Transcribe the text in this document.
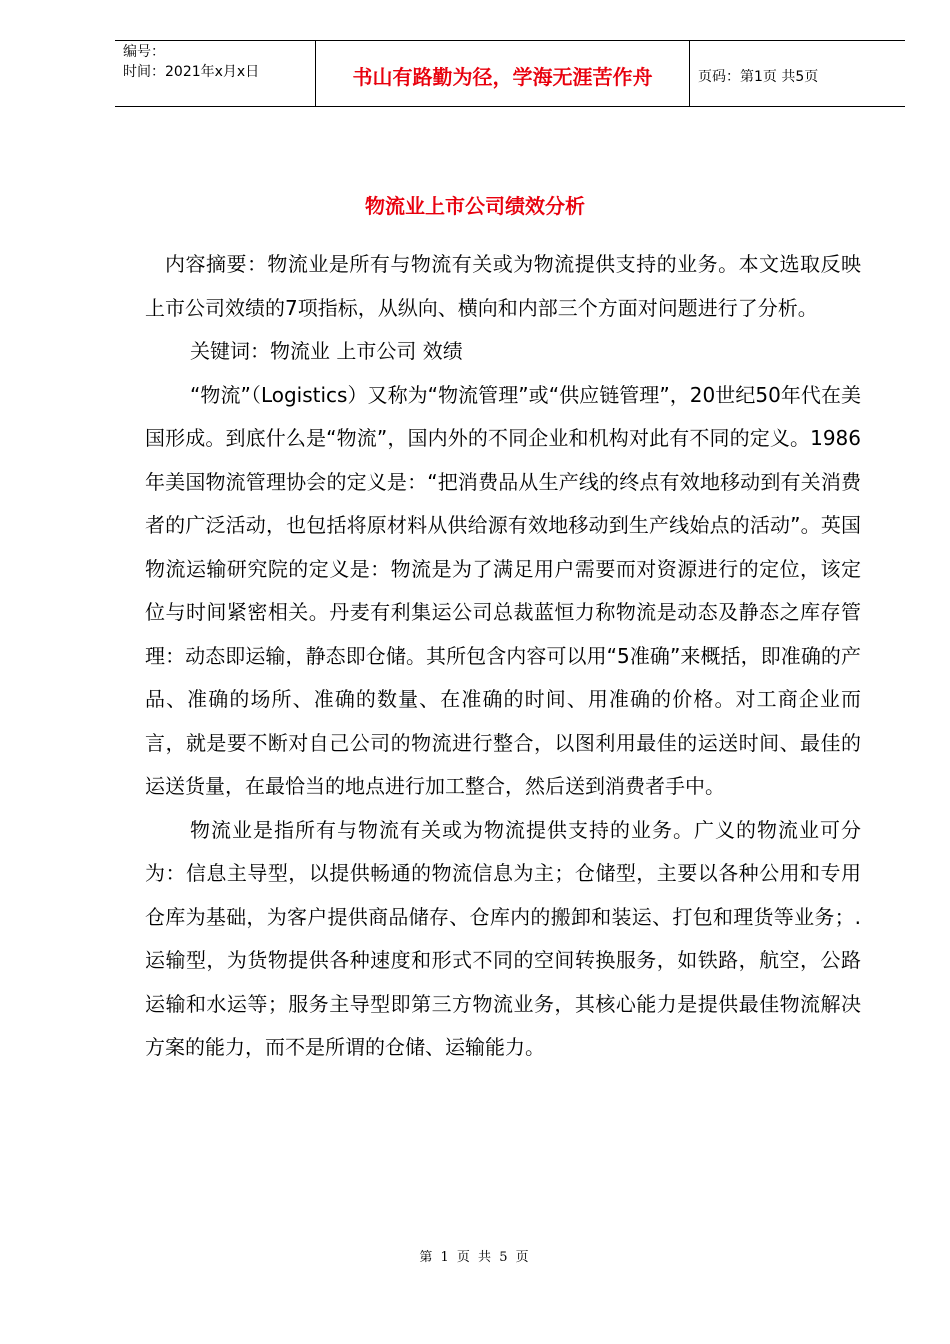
编号：
时间：2021年x月x日	书山有路勤为径，学海无涯苦作舟	页码：第1页 共5页
物流业上市公司绩效分析

内容摘要：物流业是所有与物流有关或为物流提供支持的业务。本文选取反映上市公司效绩的7项指标，从纵向、横向和内部三个方面对问题进行了分析。

关键词：物流业 上市公司 效绩

“物流”（Logistics）又称为“物流管理”或“供应链管理”，20世纪50年代在美国形成。到底什么是“物流”，国内外的不同企业和机构对此有不同的定义。1986年美国物流管理协会的定义是：“把消费品从生产线的终点有效地移动到有关消费者的广泛活动，也包括将原材料从供给源有效地移动到生产线始点的活动”。英国物流运输研究院的定义是：物流是为了满足用户需要而对资源进行的定位，该定位与时间紧密相关。丹麦有利集运公司总裁蓝恒力称物流是动态及静态之库存管理：动态即运输，静态即仓储。其所包含内容可以用“5准确”来概括，即准确的产品、准确的场所、准确的数量、在准确的时间、用准确的价格。对工商企业而言，就是要不断对自己公司的物流进行整合，以图利用最佳的运送时间、最佳的运送货量，在最恰当的地点进行加工整合，然后送到消费者手中。

物流业是指所有与物流有关或为物流提供支持的业务。广义的物流业可分为：信息主导型，以提供畅通的物流信息为主；仓储型，主要以各种公用和专用仓库为基础，为客户提供商品储存、仓库内的搬卸和装运、打包和理货等业务；.运输型，为货物提供各种速度和形式不同的空间转换服务，如铁路，航空，公路运输和水运等；服务主导型即第三方物流业务，其核心能力是提供最佳物流解决方案的能力，而不是所谓的仓储、运输能力。

第 1 页 共 5 页
